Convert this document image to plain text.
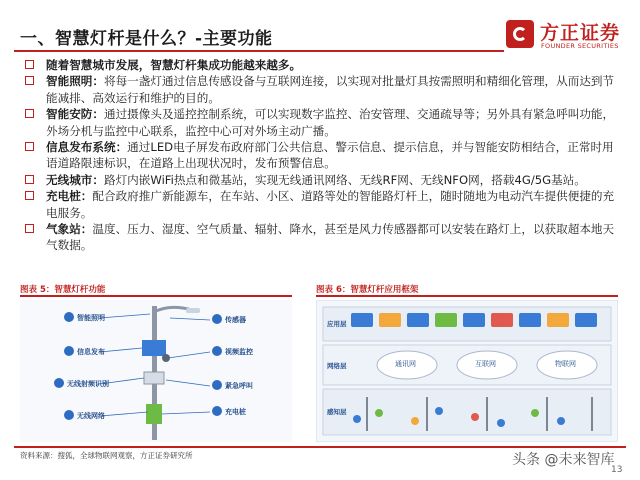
一、智慧灯杆是什么？-主要功能	方正证券
FOUNDER SECURITIES
随着智慧城市发展，智慧灯杆集成功能越来越多。
智能照明：将每一盏灯通过信息传感设备与互联网连接，以实现对批量灯具按需照明和精细化管理，从而达到节能减排、高效运行和维护的目的。
智能安防：通过摄像头及遥控控制系统，可以实现数字监控、治安管理、交通疏导等；另外具有紧急呼叫功能，外场分机与监控中心联系，监控中心可对外场主动广播。
信息发布系统：通过LED电子屏发布政府部门公共信息、警示信息、提示信息，并与智能安防相结合，正常时用语道路限速标识，在道路上出现状况时，发布预警信息。
无线城市：路灯内嵌WiFi热点和微基站，实现无线通讯网络、无线RF网、无线NFO网，搭载4G/5G基站。
充电桩：配合政府推广新能源车，在车站、小区、道路等处的智能路灯杆上，随时随地为电动汽车提供便捷的充电服务。
气象站：温度、压力、湿度、空气质量、辐射、降水，甚至是风力传感器都可以安装在路灯上，以获取超本地天气数据。
图表 5：智慧灯杆功能	图表 6：智慧灯杆应用框架
智能照明
信息发布
无线射频识别
无线网络
传感器
视频监控
紧急呼叫
充电桩
应用层
网络层
感知层
通讯网	互联网	物联网
资料来源：搜狐，全球物联网观察，方正证券研究所	头条 @未来智库
13
